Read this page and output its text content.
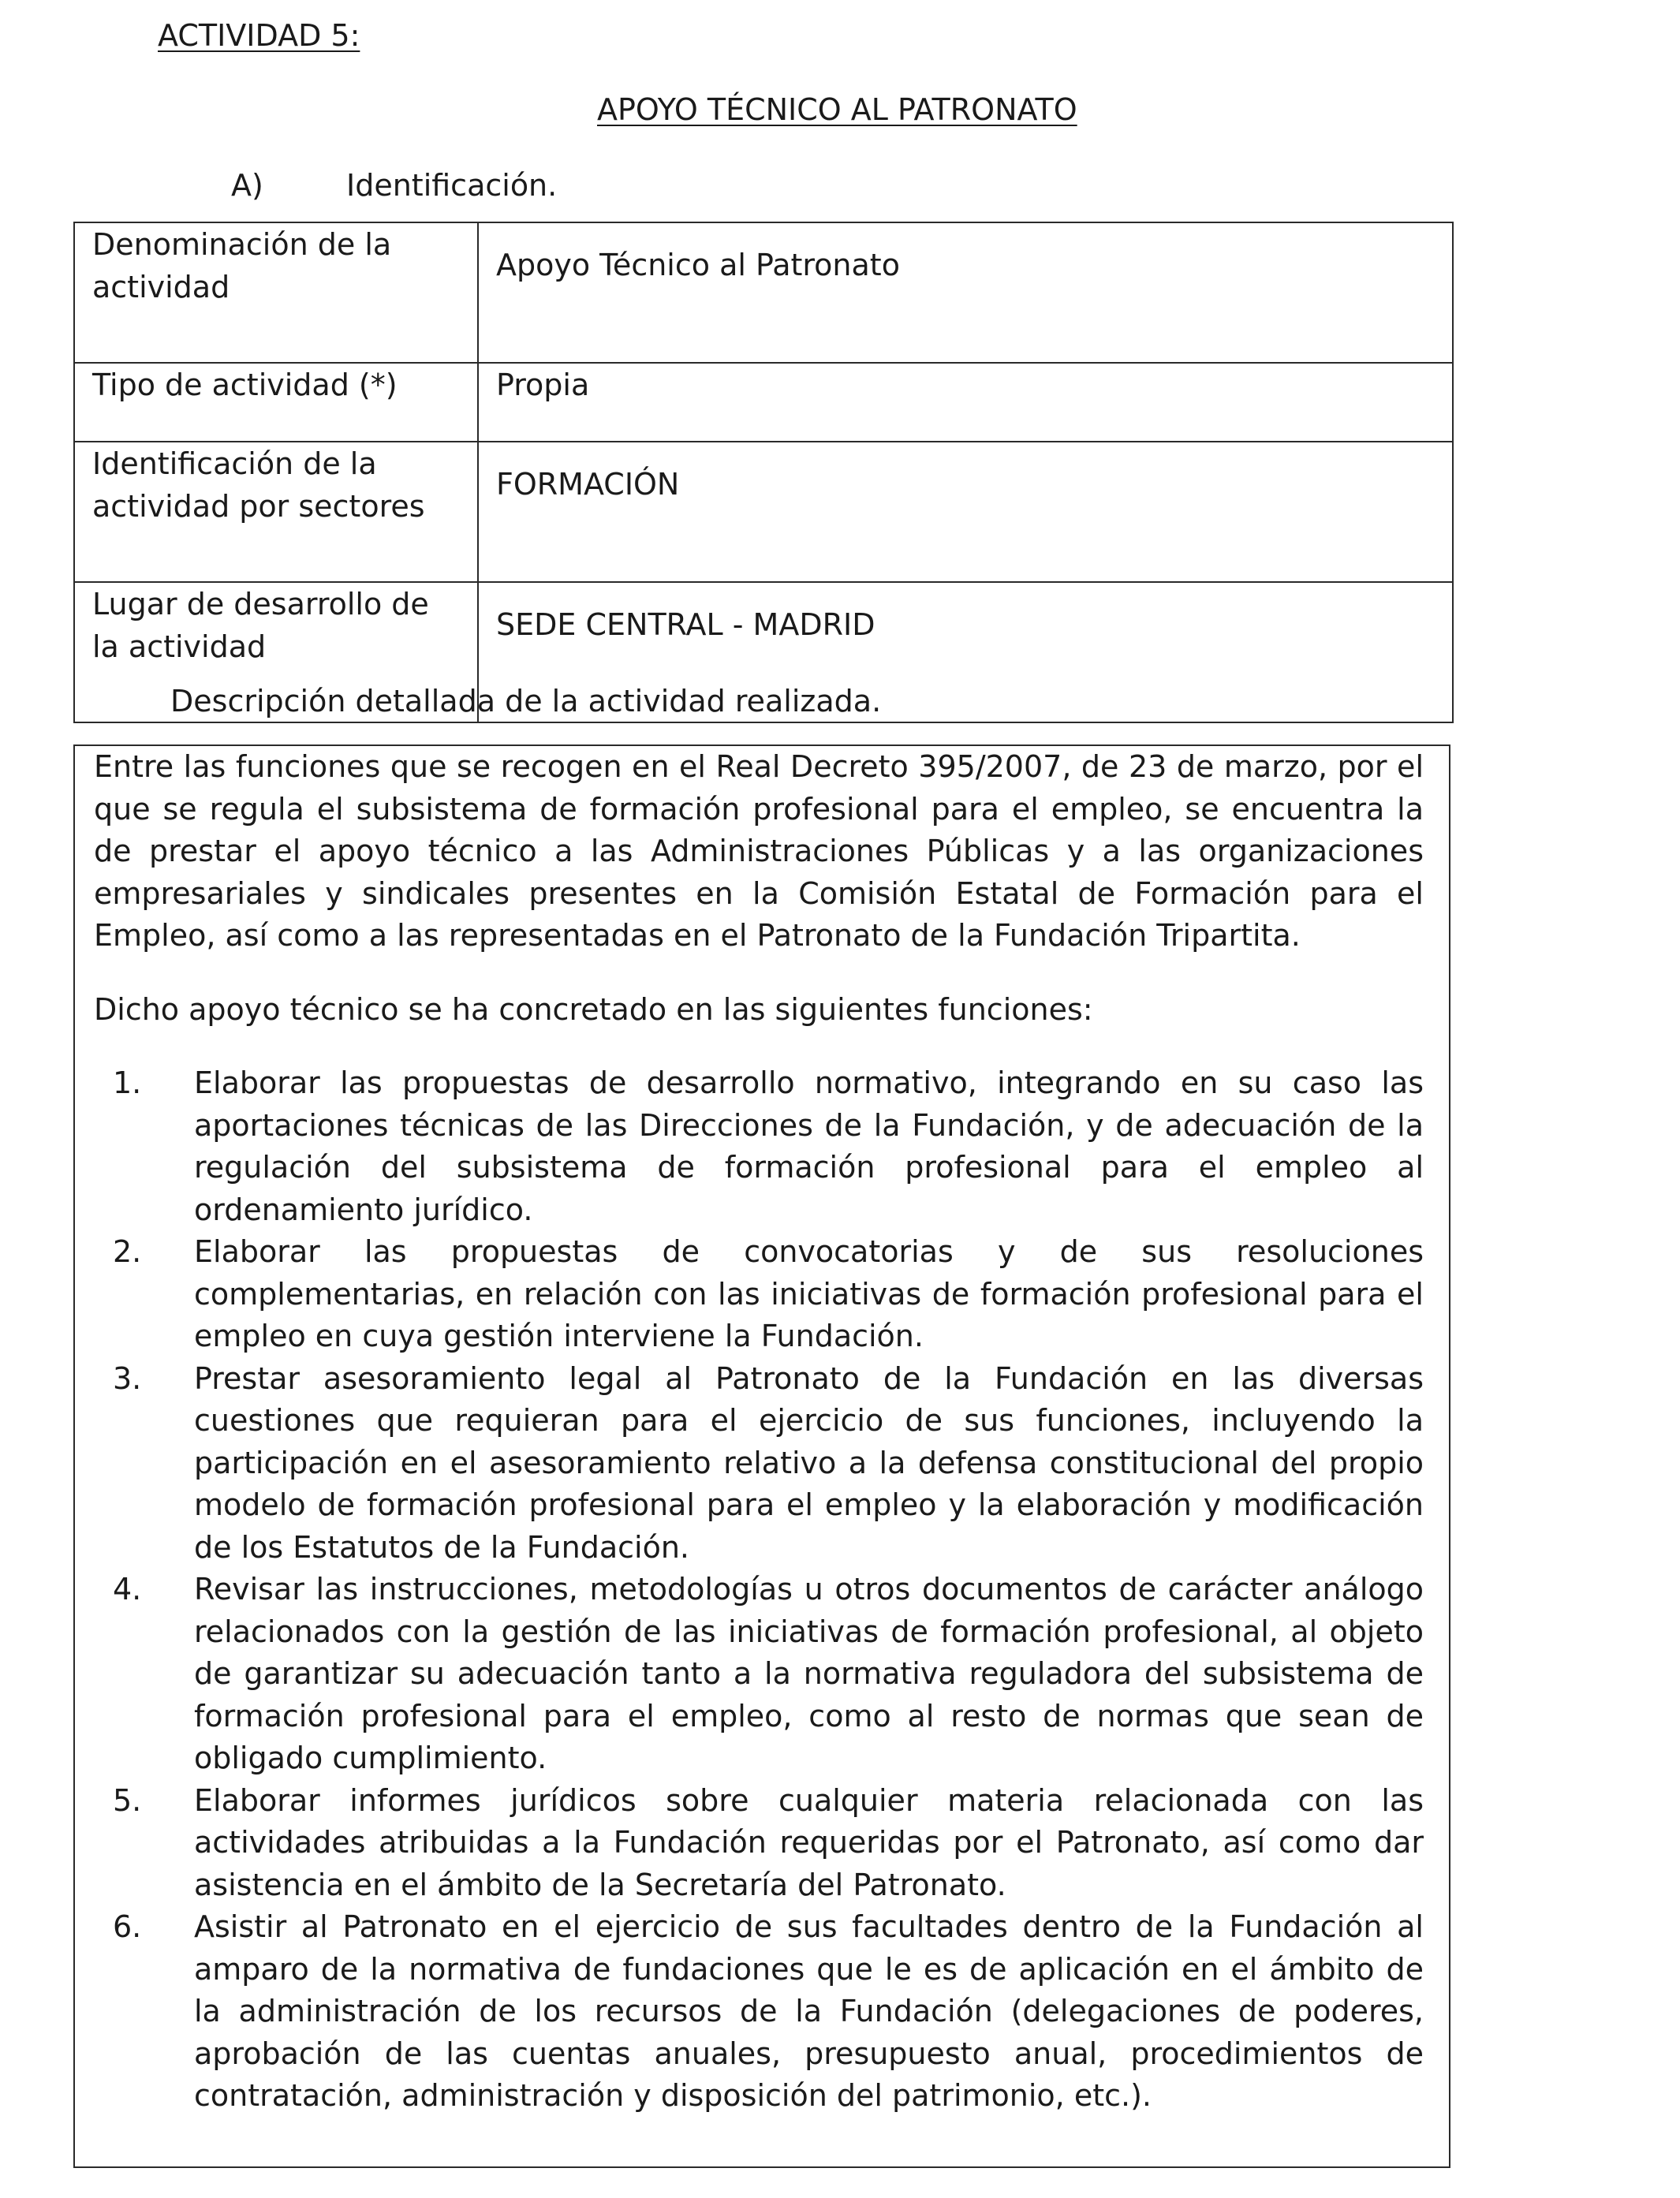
ACTIVIDAD 5:
APOYO TÉCNICO AL PATRONATO
A)	Identificación.
Denominación de la actividad	Apoyo Técnico al Patronato
Tipo de actividad (*)	Propia
Identificación de la actividad por sectores	FORMACIÓN
Lugar de desarrollo de la actividad	SEDE CENTRAL - MADRID
Descripción detallada de la actividad realizada.

Entre las funciones que se recogen en el Real Decreto 395/2007, de 23 de marzo, por el que se regula el subsistema de formación profesional para el empleo, se encuentra la de prestar el apoyo técnico a las Administraciones Públicas y a las organizaciones empresariales y sindicales presentes en la Comisión Estatal de Formación para el Empleo, así como a las representadas en el Patronato de la Fundación Tripartita.

Dicho apoyo técnico se ha concretado en las siguientes funciones:

1. Elaborar las propuestas de desarrollo normativo, integrando en su caso las aportaciones técnicas de las Direcciones de la Fundación, y de adecuación de la regulación del subsistema de formación profesional para el empleo al ordenamiento jurídico.
2. Elaborar las propuestas de convocatorias y de sus resoluciones complementarias, en relación con las iniciativas de formación profesional para el empleo en cuya gestión interviene la Fundación.
3. Prestar asesoramiento legal al Patronato de la Fundación en las diversas cuestiones que requieran para el ejercicio de sus funciones, incluyendo la participación en el asesoramiento relativo a la defensa constitucional del propio modelo de formación profesional para el empleo y la elaboración y modificación de los Estatutos de la Fundación.
4. Revisar las instrucciones, metodologías u otros documentos de carácter análogo relacionados con la gestión de las iniciativas de formación profesional, al objeto de garantizar su adecuación tanto a la normativa reguladora del subsistema de formación profesional para el empleo, como al resto de normas que sean de obligado cumplimiento.
5. Elaborar informes jurídicos sobre cualquier materia relacionada con las actividades atribuidas a la Fundación requeridas por el Patronato, así como dar asistencia en el ámbito de la Secretaría del Patronato.
6. Asistir al Patronato en el ejercicio de sus facultades dentro de la Fundación al amparo de la normativa de fundaciones que le es de aplicación en el ámbito de la administración de los recursos de la Fundación (delegaciones de poderes, aprobación de las cuentas anuales, presupuesto anual, procedimientos de contratación, administración y disposición del patrimonio, etc.).
